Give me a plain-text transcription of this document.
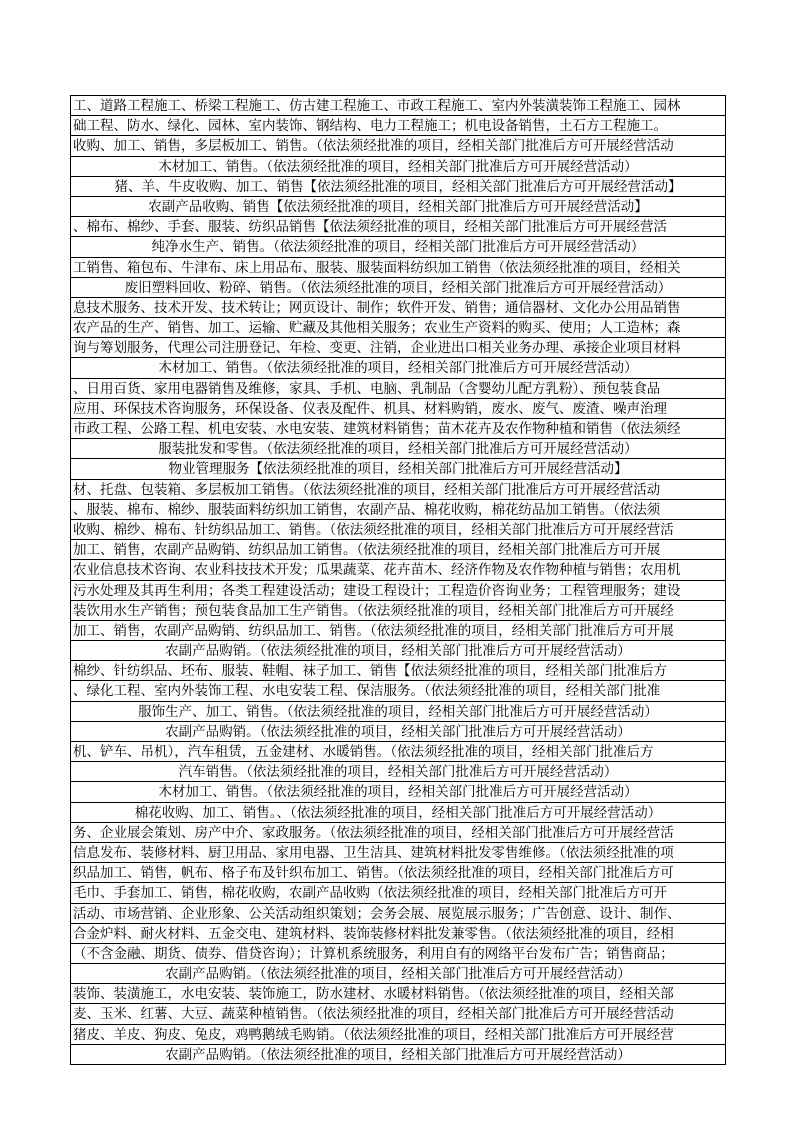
工、道路工程施工、桥梁工程施工、仿古建工程施工、市政工程施工、室内外装潢装饰工程施工、园林
础工程、防水、绿化、园林、室内装饰、钢结构、电力工程施工；机电设备销售，土石方工程施工。
收购、加工、销售，多层板加工、销售。（依法须经批准的项目，经相关部门批准后方可开展经营活动
木材加工、销售。（依法须经批准的项目，经相关部门批准后方可开展经营活动）
猪、羊、牛皮收购、加工、销售【依法须经批准的项目，经相关部门批准后方可开展经营活动】
农副产品收购、销售【依法须经批准的项目，经相关部门批准后方可开展经营活动】
、棉布、棉纱、手套、服装、纺织品销售【依法须经批准的项目，经相关部门批准后方可开展经营活
纯净水生产、销售。（依法须经批准的项目，经相关部门批准后方可开展经营活动）
工销售、箱包布、牛津布、床上用品布、服装、服装面料纺织加工销售（依法须经批准的项目，经相关
废旧塑料回收、粉碎、销售。（依法须经批准的项目，经相关部门批准后方可开展经营活动）
息技术服务、技术开发、技术转让；网页设计、制作；软件开发、销售；通信器材、文化办公用品销售
农产品的生产、销售、加工、运输、贮藏及其他相关服务；农业生产资料的购买、使用；人工造林；森
询与筹划服务，代理公司注册登记、年检、变更、注销，企业进出口相关业务办理、承接企业项目材料
木材加工、销售。（依法须经批准的项目，经相关部门批准后方可开展经营活动）
、日用百货、家用电器销售及维修，家具、手机、电脑、乳制品（含婴幼儿配方乳粉）、预包装食品
应用、环保技术咨询服务，环保设备、仪表及配件、机具、材料购销，废水、废气、废渣、噪声治理
市政工程、公路工程、机电安装、水电安装、建筑材料销售；苗木花卉及农作物种植和销售（依法须经
服装批发和零售。（依法须经批准的项目，经相关部门批准后方可开展经营活动）
物业管理服务【依法须经批准的项目，经相关部门批准后方可开展经营活动】
材、托盘、包装箱、多层板加工销售。（依法须经批准的项目，经相关部门批准后方可开展经营活动
、服装、棉布、棉纱、服装面料纺织加工销售，农副产品、棉花收购，棉花纺品加工销售。（依法须
收购、棉纱、棉布、针纺织品加工、销售。（依法须经批准的项目，经相关部门批准后方可开展经营活
加工、销售，农副产品购销、纺织品加工销售。（依法须经批准的项目，经相关部门批准后方可开展
农业信息技术咨询、农业科技技术开发；瓜果蔬菜、花卉苗木、经济作物及农作物种植与销售；农用机
污水处理及其再生利用；各类工程建设活动；建设工程设计；工程造价咨询业务；工程管理服务；建设
装饮用水生产销售；预包装食品加工生产销售。（依法须经批准的项目，经相关部门批准后方可开展经
加工、销售，农副产品购销、纺织品加工、销售。（依法须经批准的项目，经相关部门批准后方可开展
农副产品购销。（依法须经批准的项目，经相关部门批准后方可开展经营活动）
棉纱、针纺织品、坯布、服装、鞋帽、袜子加工、销售【依法须经批准的项目，经相关部门批准后方
、绿化工程、室内外装饰工程、水电安装工程、保洁服务。（依法须经批准的项目，经相关部门批准
服饰生产、加工、销售。（依法须经批准的项目，经相关部门批准后方可开展经营活动）
农副产品购销。（依法须经批准的项目，经相关部门批准后方可开展经营活动）
机、铲车、吊机），汽车租赁，五金建材、水暖销售。（依法须经批准的项目，经相关部门批准后方
汽车销售。（依法须经批准的项目，经相关部门批准后方可开展经营活动）
木材加工、销售。（依法须经批准的项目，经相关部门批准后方可开展经营活动）
棉花收购、加工、销售。、（依法须经批准的项目，经相关部门批准后方可开展经营活动）
务、企业展会策划、房产中介、家政服务。（依法须经批准的项目，经相关部门批准后方可开展经营活
信息发布、装修材料、厨卫用品、家用电器、卫生洁具、建筑材料批发零售维修。（依法须经批准的项
织品加工、销售，帆布、格子布及针织布加工、销售。（依法须经批准的项目，经相关部门批准后方可
毛巾、手套加工、销售，棉花收购，农副产品收购（依法须经批准的项目，经相关部门批准后方可开
活动、市场营销、企业形象、公关活动组织策划；会务会展、展览展示服务；广告创意、设计、制作、
合金炉料、耐火材料、五金交电、建筑材料、装饰装修材料批发兼零售。（依法须经批准的项目，经相
（不含金融、期货、债券、借贷咨询）；计算机系统服务，利用自有的网络平台发布广告；销售商品；
农副产品购销。（依法须经批准的项目，经相关部门批准后方可开展经营活动）
装饰、装潢施工，水电安装、装饰施工，防水建材、水暖材料销售。（依法须经批准的项目，经相关部
麦、玉米、红薯、大豆、蔬菜种植销售。（依法须经批准的项目，经相关部门批准后方可开展经营活动
猪皮、羊皮、狗皮、兔皮，鸡鸭鹅绒毛购销。（依法须经批准的项目，经相关部门批准后方可开展经营
农副产品购销。（依法须经批准的项目，经相关部门批准后方可开展经营活动）
